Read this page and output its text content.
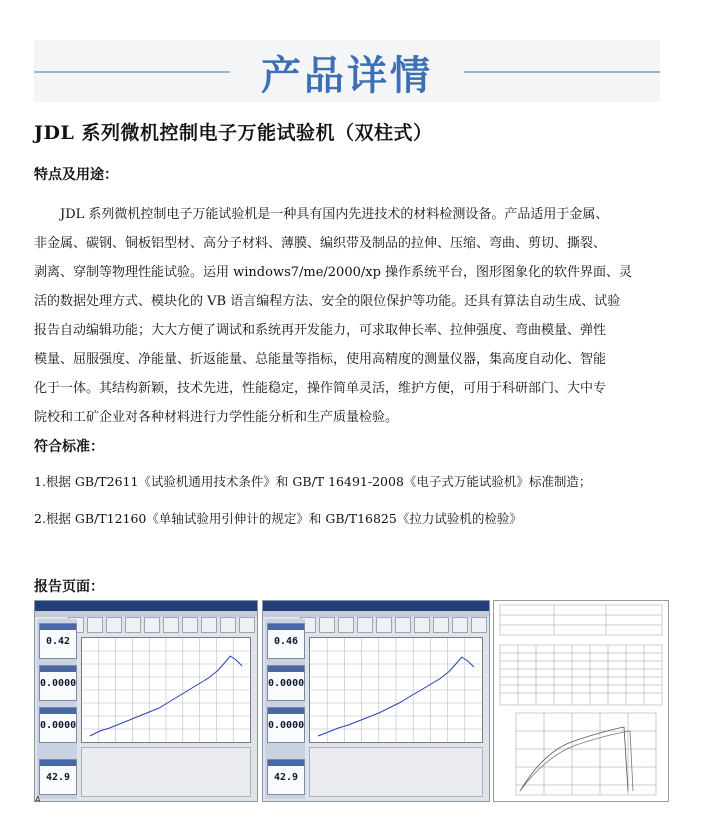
产品详情
JDL 系列微机控制电子万能试验机（双柱式）
特点及用途：

JDL 系列微机控制电子万能试验机是一种具有国内先进技术的材料检测设备。产品适用于金属、

非金属、碳钢、铜板铝型材、高分子材料、薄膜、编织带及制品的拉伸、压缩、弯曲、剪切、撕裂、

剥离、穿制等物理性能试验。运用 windows7/me/2000/xp 操作系统平台，图形图象化的软件界面、灵

活的数据处理方式、模块化的 VB 语言编程方法、安全的限位保护等功能。还具有算法自动生成、试验

报告自动编辑功能；大大方便了调试和系统再开发能力，可求取伸长率、拉伸强度、弯曲模量、弹性

模量、屈服强度、净能量、折返能量、总能量等指标，使用高精度的测量仪器，集高度自动化、智能

化于一体。其结构新颖，技术先进，性能稳定，操作简单灵活，维护方便，可用于科研部门、大中专

院校和工矿企业对各种材料进行力学性能分析和生产质量检验。

符合标准：
1.根据 GB/T2611《试验机通用技术条件》和 GB/T 16491-2008《电子式万能试验机》标准制造；
2.根据 GB/T12160《单轴试验用引伸计的规定》和 GB/T16825《拉力试验机的检验》
报告页面：
0.42
0.0000
0.0000
42.9
0.46
0.0000
0.0000
42.9
A
